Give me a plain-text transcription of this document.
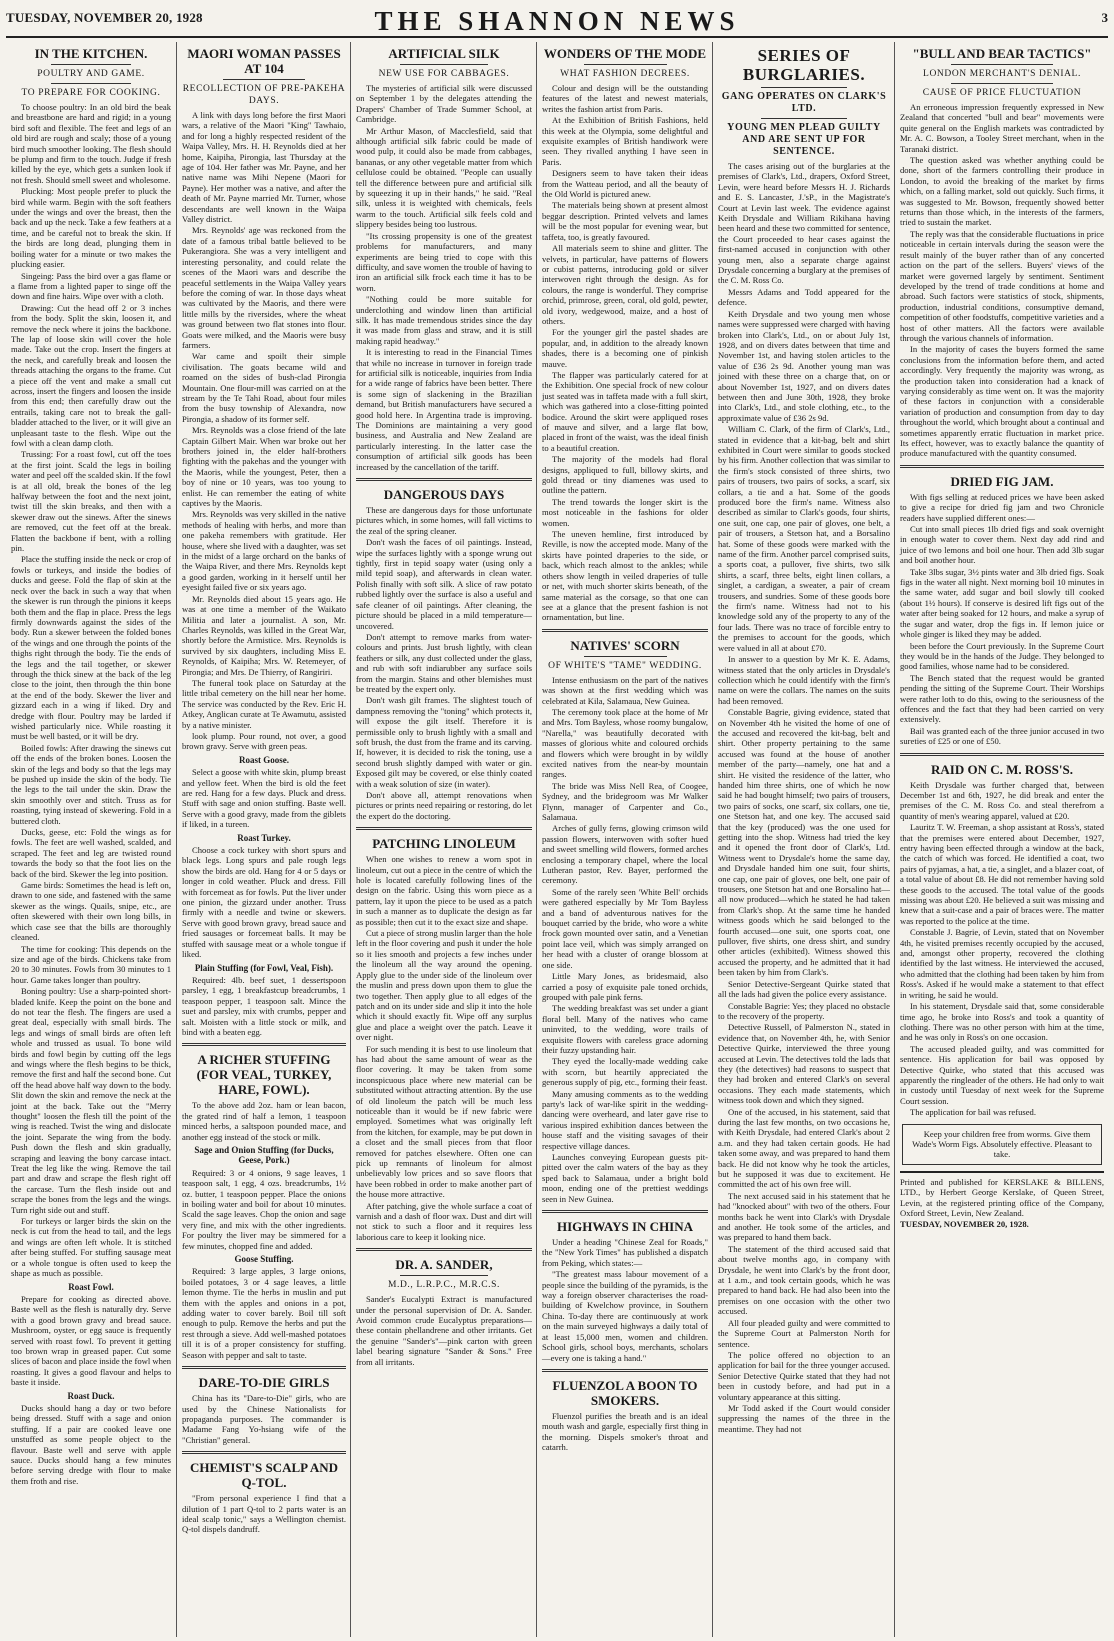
TUESDAY, NOVEMBER 20, 1928	THE SHANNON NEWS	3
IN THE KITCHEN.
POULTRY AND GAME.
TO PREPARE FOR COOKING.

To choose poultry: In an old bird the beak and breastbone are hard and rigid; in a young bird soft and flexible. The feet and legs of an old bird are rough and scaly; those of a young bird much smoother looking. The flesh should be plump and firm to the touch. Judge if fresh killed by the eye, which gets a sunken look if not fresh. Should smell sweet and wholesome.

Plucking: Most people prefer to pluck the bird while warm. Begin with the soft feathers under the wings and over the breast, then the back and up the neck. Take a few feathers at a time, and be careful not to break the skin. If the birds are long dead, plunging them in boiling water for a minute or two makes the plucking easier.

Singeing: Pass the bird over a gas flame or a flame from a lighted paper to singe off the down and fine hairs. Wipe over with a cloth.

Drawing: Cut the head off 2 or 3 inches from the body. Split the skin, loosen it, and remove the neck where it joins the backbone. The lap of loose skin will cover the hole made. Take out the crop. Insert the fingers at the neck, and carefully break and loosen the threads attaching the organs to the frame. Cut a piece off the vent and make a small cut across, insert the fingers and loosen the inside from this end; then carefully draw out the entrails, taking care not to break the gall-bladder attached to the liver, or it will give an unpleasant taste to the flesh. Wipe out the fowl with a clean damp cloth.

Trussing: For a roast fowl, cut off the toes at the first joint. Scald the legs in boiling water and peel off the scalded skin. If the fowl is at all old, break the bones of the leg halfway between the foot and the next joint, twist till the skin breaks, and then with a skewer draw out the sinews. After the sinews are removed, cut the feet off at the break. Flatten the backbone if bent, with a rolling pin.

Place the stuffing inside the neck or crop of fowls or turkeys, and inside the bodies of ducks and geese. Fold the flap of skin at the neck over the back in such a way that when the skewer is run through the pinions it keeps both them and the flap in place. Press the legs firmly downwards against the sides of the body. Run a skewer between the folded bones of the wings and one through the points of the thighs right through the body. Tie the ends of the legs and the tail together, or skewer through the thick sinew at the back of the leg close to the joint, then through the thin bone at the end of the body. Skewer the liver and gizzard each in a wing if liked. Dry and dredge with flour. Poultry may be larded if wished particularly nice. While roasting it must be well basted, or it will be dry.

Boiled fowls: After drawing the sinews cut off the ends of the broken bones. Loosen the skin of the legs and body so that the legs may be pushed up inside the skin of the body. Tie the legs to the tail under the skin. Draw the skin smoothly over and stitch. Truss as for roasting, tying instead of skewering. Fold in a buttered cloth.

Ducks, geese, etc: Fold the wings as for fowls. The feet are well washed, scalded, and scraped. The feet and leg are twisted round towards the body so that the foot lies on the back of the bird. Skewer the leg into position.

Game birds: Sometimes the head is left on, drawn to one side, and fastened with the same skewer as the wings. Quails, snipe, etc., are often skewered with their own long bills, in which case see that the bills are thoroughly cleaned.

The time for cooking: This depends on the size and age of the birds. Chickens take from 20 to 30 minutes. Fowls from 30 minutes to 1 hour. Game takes longer than poultry.

Boning poultry: Use a sharp-pointed short-bladed knife. Keep the point on the bone and do not tear the flesh. The fingers are used a great deal, especially with small birds. The legs and wings of small birds are often left whole and trussed as usual. To bone wild birds and fowl begin by cutting off the legs and wings where the flesh begins to be thick, remove the first and half the second bone. Cut off the head above half way down to the body. Slit down the skin and remove the neck at the joint at the back. Take out the "Merry thought" loosen the flesh till the point of the wing is reached. Twist the wing and dislocate the joint. Separate the wing from the body. Push down the flesh and skin gradually, scraping and leaving the bony carcase intact. Treat the leg like the wing. Remove the tail part and draw and scrape the flesh right off the carcase. Turn the flesh inside out and scrape the bones from the legs and the wings. Turn right side out and stuff.

For turkeys or larger birds the skin on the neck is cut from the head to tail, and the legs and wings are often left whole. It is stitched after being stuffed. For stuffing sausage meat or a whole tongue is often used to keep the shape as much as possible.

Roast Fowl.

Prepare for cooking as directed above. Baste well as the flesh is naturally dry. Serve with a good brown gravy and bread sauce. Mushroom, oyster, or egg sauce is frequently served with roast fowl. To prevent it getting too brown wrap in greased paper. Cut some slices of bacon and place inside the fowl when roasting. It gives a good flavour and helps to baste it inside.

Roast Duck.

Ducks should hang a day or two before being dressed. Stuff with a sage and onion stuffing. If a pair are cooked leave one unstuffed as some people object to the flavour. Baste well and serve with apple sauce. Ducks should hang a few minutes before serving dredge with flour to make them froth and rise.

MAORI WOMAN PASSES AT 104
RECOLLECTION OF PRE-PAKEHA DAYS.

A link with days long before the first Maori wars, a relative of the Maori "King" Tawhaio, and for long a highly respected resident of the Waipa Valley, Mrs. H. H. Reynolds died at her home, Kaipiha, Pirongia, last Thursday at the age of 104. Her father was Mr. Payne, and her native name was Mihi Nepene (Maori for Payne). Her mother was a native, and after the death of Mr. Payne married Mr. Turner, whose descendants are well known in the Waipa Valley district.

Mrs. Reynolds' age was reckoned from the date of a famous tribal battle believed to be Pukerangiora. She was a very intelligent and interesting personality, and could relate the scenes of the Maori wars and describe the peaceful settlements in the Waipa Valley years before the coming of war. In those days wheat was cultivated by the Maoris, and there were little mills by the riversides, where the wheat was ground between two flat stones into flour. Goats were milked, and the Maoris were busy farmers.

War came and spoilt their simple civilisation. The goats became wild and roamed on the sides of bush-clad Pirongia Mountain. One flour-mill was carried on at the stream by the Te Tahi Road, about four miles from the busy township of Alexandra, now Pirongia, a shadow of its former self.

Mrs. Reynolds was a close friend of the late Captain Gilbert Mair. When war broke out her brothers joined in, the elder half-brothers fighting with the pakehas and the younger with the Maoris, while the youngest, Peter, then a boy of nine or 10 years, was too young to enlist. He can remember the eating of white captives by the Maoris.

Mrs. Reynolds was very skilled in the native methods of healing with herbs, and more than one pakeha remembers with gratitude. Her house, where she lived with a daughter, was set in the midst of a large orchard on the banks of the Waipa River, and there Mrs. Reynolds kept a good garden, working in it herself until her eyesight failed five or six years ago.

Mr. Reynolds died about 15 years ago. He was at one time a member of the Waikato Militia and later a journalist. A son, Mr. Charles Reynolds, was killed in the Great War, shortly before the Armistice. Mrs. Reynolds is survived by six daughters, including Miss E. Reynolds, of Kaipiha; Mrs. W. Retemeyer, of Pirongia; and Mrs. De Thierry, of Rangiriri.

The funeral took place on Saturday at the little tribal cemetery on the hill near her home. The service was conducted by the Rev. Eric H. Atkey, Anglican curate at Te Awamutu, assisted by a native minister.

look plump. Pour round, not over, a good brown gravy. Serve with green peas.

Roast Goose.

Select a goose with white skin, plump breast and yellow feet. When the bird is old the feet are red. Hang for a few days. Pluck and dress. Stuff with sage and onion stuffing. Baste well. Serve with a good gravy, made from the giblets if liked, in a tureen.

Roast Turkey.

Choose a cock turkey with short spurs and black legs. Long spurs and pale rough legs show the birds are old. Hang for 4 or 5 days or longer in cold weather. Pluck and dress. Fill with forcemeat as for fowls. Put the liver under one pinion, the gizzard under another. Truss firmly with a needle and twine or skewers. Serve with good brown gravy, bread sauce and fried sausages or forcemeat balls. It may be stuffed with sausage meat or a whole tongue if liked.

Plain Stuffing (for Fowl, Veal, Fish).

Required: 4lb. beef suet, 1 dessertspoon parsley, 1 egg, 1 breakfastcup breadcrumbs, 1 teaspoon pepper, 1 teaspoon salt. Mince the suet and parsley, mix with crumbs, pepper and salt. Moisten with a little stock or milk, and bind with a beaten egg.

A RICHER STUFFING (FOR VEAL, TURKEY, HARE, FOWL).

To the above add 2oz. ham or lean bacon, the grated rind of half a lemon, 1 teaspoon minced herbs, a saltspoon pounded mace, and another egg instead of the stock or milk.

Sage and Onion Stuffing (for Ducks, Geese, Pork.)

Required: 3 or 4 onions, 9 sage leaves, 1 teaspoon salt, 1 egg, 4 ozs. breadcrumbs, 1½ oz. butter, 1 teaspoon pepper. Place the onions in boiling water and boil for about 10 minutes. Scald the sage leaves. Chop the onion and sage very fine, and mix with the other ingredients. For poultry the liver may be simmered for a few minutes, chopped fine and added.

Goose Stuffing.

Required: 3 large apples, 3 large onions, boiled potatoes, 3 or 4 sage leaves, a little lemon thyme. Tie the herbs in muslin and put them with the apples and onions in a pot, adding water to cover barely. Boil till soft enough to pulp. Remove the herbs and put the rest through a sieve. Add well-mashed potatoes till it is of a proper consistency for stuffing. Season with pepper and salt to taste.

DARE-TO-DIE GIRLS

China has its "Dare-to-Die" girls, who are used by the Chinese Nationalists for propaganda purposes. The commander is Madame Fang Yo-hsiang wife of the "Christian" general.

CHEMIST'S SCALP AND Q-TOL.

"From personal experience I find that a dilution of 1 part Q-tol to 2 parts water is an ideal scalp tonic," says a Wellington chemist. Q-tol dispels dandruff.

ARTIFICIAL SILK
NEW USE FOR CABBAGES.

The mysteries of artificial silk were discussed on September 1 by the delegates attending the Drapers' Chamber of Trade Summer School, at Cambridge.

Mr Arthur Mason, of Macclesfield, said that although artificial silk fabric could be made of wood pulp, it could also be made from cabbages, bananas, or any other vegetable matter from which cellulose could be obtained. "People can usually tell the difference between pure and artificial silk by squeezing it up in their hands," he said. "Real silk, unless it is weighted with chemicals, feels warm to the touch. Artificial silk feels cold and slippery besides being too lustrous.

"Its crossing propensity is one of the greatest problems for manufacturers, and many experiments are being tried to cope with this difficulty, and save women the trouble of having to iron an artificial silk frock each time it has to be worn.

"Nothing could be more suitable for underclothing and window linen than artificial silk. It has made tremendous strides since the day it was made from glass and straw, and it is still making rapid headway."

It is interesting to read in the Financial Times that while no increase in turnover in foreign trade for artificial silk is noticeable, inquiries from India for a wide range of fabrics have been better. There is some sign of slackening in the Brazilian demand, but British manufacturers have secured a good hold here. In Argentina trade is improving. The Dominions are maintaining a very good business, and Australia and New Zealand are particularly interesting. In the latter case the consumption of artificial silk goods has been increased by the cancellation of the tariff.

DANGEROUS DAYS

These are dangerous days for those unfortunate pictures which, in some homes, will fall victims to the zeal of the spring cleaner.

Don't wash the faces of oil paintings. Instead, wipe the surfaces lightly with a sponge wrung out tightly, first in tepid soapy water (using only a mild tepid soap), and afterwards in clean water. Polish finally with soft silk. A slice of raw potato rubbed lightly over the surface is also a useful and safe cleaner of oil paintings. After cleaning, the picture should be placed in a mild temperature—uncovered.

Don't attempt to remove marks from water-colours and prints. Just brush lightly, with clean feathers or silk, any dust collected under the glass, and rub with soft indiarubber any surface soils from the margin. Stains and other blemishes must be treated by the expert only.

Don't wash gilt frames. The slightest touch of dampness removing the "toning" which protects it, will expose the gilt itself. Therefore it is permissible only to brush lightly with a small and soft brush, the dust from the frame and its carving. If, however, it is decided to risk the toning, use a second brush slightly damped with water or gin. Exposed gilt may be covered, or else thinly coated with a weak solution of size (in water).

Don't above all, attempt renovations when pictures or prints need repairing or restoring, do let the expert do the doctoring.

PATCHING LINOLEUM

When one wishes to renew a worn spot in linoleum, cut out a piece in the centre of which the hole is located carefully following lines of the design on the fabric. Using this worn piece as a pattern, lay it upon the piece to be used as a patch in such a manner as to duplicate the design as far as possible; then cut it to the exact size and shape.

Cut a piece of strong muslin larger than the hole left in the floor covering and push it under the hole so it lies smooth and projects a few inches under the linoleum all the way around the opening. Apply glue to the under side of the linoleum over the muslin and press down upon them to glue the two together. Then apply glue to all edges of the patch and on its under side and slip it into the hole which it should exactly fit. Wipe off any surplus glue and place a weight over the patch. Leave it over night.

For such mending it is best to use linoleum that has had about the same amount of wear as the floor covering. It may be taken from some inconspicuous place where new material can be substituted without attracting attention. By the use of old linoleum the patch will be much less noticeable than it would be if new fabric were employed. Sometimes what was originally left from the kitchen, for example, may be put down in a closet and the small pieces from that floor removed for patches elsewhere. Often one can pick up remnants of linoleum for almost unbelievably low prices and so save floors that have been robbed in order to make another part of the house more attractive.

After patching, give the whole surface a coat of varnish and a dash of floor wax. Dust and dirt will not stick to such a floor and it requires less laborious care to keep it looking nice.

DR. A. SANDER,
M.D., L.R.P.C., M.R.C.S.

Sander's Eucalypti Extract is manufactured under the personal supervision of Dr. A. Sander. Avoid common crude Eucalyptus preparations—these contain phellandrene and other irritants. Get the genuine "Sander's"—pink carton with green label bearing signature "Sander & Sons." Free from all irritants.

WONDERS OF THE MODE
WHAT FASHION DECREES.

Colour and design will be the outstanding features of the latest and newest materials, writes the fashion artist from Paris.

At the Exhibition of British Fashions, held this week at the Olympia, some delightful and exquisite examples of British handiwork were seen. They rivalled anything I have seen in Paris.

Designers seem to have taken their ideas from the Watteau period, and all the beauty of the Old World is pictured anew.

The materials being shown at present almost beggar description. Printed velvets and lames will be the most popular for evening wear, but taffeta, too, is greatly favoured.

All materials seem to shine and glitter. The velvets, in particular, have patterns of flowers or cubist patterns, introducing gold or silver interwoven right through the design. As for colours, the range is wonderful. They comprise orchid, primrose, green, coral, old gold, pewter, old ivory, wedgewood, maize, and a host of others.

For the younger girl the pastel shades are popular, and, in addition to the already known shades, there is a becoming one of pinkish mauve.

The flapper was particularly catered for at the Exhibition. One special frock of new colour just seated was in taffeta made with a full skirt, which was gathered into a close-fitting pointed bodice. Around the skirt were appliqued roses of mauve and silver, and a large flat bow, placed in front of the waist, was the ideal finish to a beautiful creation.

The majority of the models had floral designs, appliqued to full, billowy skirts, and gold thread or tiny diamenes was used to outline the pattern.

The trend towards the longer skirt is the most noticeable in the fashions for older women.

The uneven hemline, first introduced by Reville, is now the accepted mode. Many of the skirts have pointed draperies to the side, or back, which reach almost to the ankles; while others show length in veiled draperies of tulle or net, with much shorter skirts beneath, of the same material as the corsage, so that one can see at a glance that the present fashion is not ornamentation, but line.

NATIVES' SCORN
OF WHITE'S "TAME" WEDDING.

Intense enthusiasm on the part of the natives was shown at the first wedding which was celebrated at Kila, Salamaua, New Guinea.

The ceremony took place at the home of Mr and Mrs. Tom Bayless, whose roomy bungalow, "Narella," was beautifully decorated with masses of glorious white and coloured orchids and flowers which were brought in by wildly excited natives from the near-by mountain ranges.

The bride was Miss Nell Rea, of Coogee, Sydney, and the bridegroom was Mr Walker Flynn, manager of Carpenter and Co., Salamaua.

Arches of gully ferns, glowing crimson wild passion flowers, interwoven with softer hued and sweet smelling wild flowers, formed arches enclosing a temporary chapel, where the local Lutheran pastor, Rev. Bayer, performed the ceremony.

Some of the rarely seen 'White Bell' orchids were gathered especially by Mr Tom Bayless and a band of adventurous natives for the bouquet carried by the bride, who wore a white frock gown mounted over satin, and a Venetian point lace veil, which was simply arranged on her head with a cluster of orange blossom at one side.

Little Mary Jones, as bridesmaid, also carried a posy of exquisite pale toned orchids, grouped with pale pink ferns.

The wedding breakfast was set under a giant floral bell. Many of the natives who came uninvited, to the wedding, wore trails of exquisite flowers with careless grace adorning their fuzzy upstanding hair.

They eyed the locally-made wedding cake with scorn, but heartily appreciated the generous supply of pig, etc., forming their feast.

Many amusing comments as to the wedding party's lack of war-like spirit in the wedding-dancing were overheard, and later gave rise to various inspired exhibition dances between the house staff and the visiting savages of their respective village dances.

Launches conveying European guests pit-pitted over the calm waters of the bay as they sped back to Salamaua, under a bright bold moon, ending one of the prettiest weddings seen in New Guinea.

HIGHWAYS IN CHINA

Under a heading "Chinese Zeal for Roads," the "New York Times" has published a dispatch from Peking, which states:—

"The greatest mass labour movement of a people since the building of the pyramids, is the way a foreign observer characterises the road-building of Kwelchow province, in Southern China. To-day there are continuously at work on the main surveyed highways a daily total of at least 15,000 men, women and children. School girls, school boys, merchants, scholars—every one is taking a hand."

FLUENZOL A BOON TO SMOKERS.

Fluenzol purifies the breath and is an ideal mouth wash and gargle, especially first thing in the morning. Dispels smoker's throat and catarrh.

SERIES OF BURGLARIES.
GANG OPERATES ON CLARK'S LTD.
YOUNG MEN PLEAD GUILTY AND ARE SENT UP FOR SENTENCE.

The cases arising out of the burglaries at the premises of Clark's, Ltd., drapers, Oxford Street, Levin, were heard before Messrs H. J. Richards and E. S. Lancaster, J.'sP., in the Magistrate's Court at Levin last week. The evidence against Keith Drysdale and William Rikihana having been heard and these two committed for sentence, the Court proceeded to hear cases against the first-named accused in conjunction with other young men, also a separate charge against Drysdale concerning a burglary at the premises of the C. M. Ross Co.

Messrs Adams and Todd appeared for the defence.

Keith Drysdale and two young men whose names were suppressed were charged with having broken into Clark's, Ltd., on or about July 1st, 1928, and on divers dates between that time and November 1st, and having stolen articles to the value of £36 2s 9d. Another young man was joined with these three on a charge that, on or about November 1st, 1927, and on divers dates between then and June 30th, 1928, they broke into Clark's, Ltd., and stole clothing, etc., to the approximate value of £36 2s 9d.

William C. Clark, of the firm of Clark's, Ltd., stated in evidence that a kit-bag, belt and shirt exhibited in Court were similar to goods stocked by his firm. Another collection that was similar to the firm's stock consisted of three shirts, two pairs of trousers, two pairs of socks, a scarf, six collars, a tie and a hat. Some of the goods produced bore the firm's name. Witness also described as similar to Clark's goods, four shirts, one suit, one cap, one pair of gloves, one belt, a pair of trousers, a Stetson hat, and a Borsalino hat. Some of these goods were marked with the name of the firm. Another parcel comprised suits, a sports coat, a pullover, five shirts, two silk shirts, a scarf, three belts, eight linen collars, a singlet, a cardigan, a sweater, a pair of cream trousers, and sundries. Some of these goods bore the firm's name. Witness had not to his knowledge sold any of the property to any of the four lads. There was no trace of forcible entry to the premises to account for the goods, which were valued in all at about £70.

In answer to a question by Mr K. E. Adams, witness stated that the only articles in Drysdale's collection which he could identify with the firm's name on were the collars. The names on the suits had been removed.

Constable Bagrie, giving evidence, stated that on November 4th he visited the home of one of the accused and recovered the kit-bag, belt and shirt. Other property pertaining to the same accused was found at the house of another member of the party—namely, one hat and a shirt. He visited the residence of the latter, who handed him three shirts, one of which he now said he had bought himself; two pairs of trousers, two pairs of socks, one scarf, six collars, one tie, one Stetson hat, and one key. The accused said that the key (produced) was the one used for getting into the shop. Witness had tried the key and it opened the front door of Clark's, Ltd. Witness went to Drysdale's home the same day, and Drysdale handed him one suit, four shirts, one cap, one pair of gloves, one belt, one pair of trousers, one Stetson hat and one Borsalino hat—all now produced—which he stated he had taken from Clark's shop. At the same time he handed witness goods which he said belonged to the fourth accused—one suit, one sports coat, one pullover, five shirts, one dress shirt, and sundry other articles (exhibited). Witness showed this accused the property, and he admitted that it had been taken by him from Clark's.

Senior Detective-Sergeant Quirke stated that all the lads had given the police every assistance.

Constable Bagrie: Yes; they placed no obstacle to the recovery of the property.

Detective Russell, of Palmerston N., stated in evidence that, on November 4th, he, with Senior Detective Quirke, interviewed the three young accused at Levin. The detectives told the lads that they (the detectives) had reasons to suspect that they had broken and entered Clark's on several occasions. They each made statements, which witness took down and which they signed.

One of the accused, in his statement, said that during the last few months, on two occasions he, with Keith Drysdale, had entered Clark's about 2 a.m. and they had taken certain goods. He had taken some away, and was prepared to hand them back. He did not know why he took the articles, but he supposed it was due to excitement. He committed the act of his own free will.

The next accused said in his statement that he had "knocked about" with two of the others. Four months back he went into Clark's with Drysdale and another. He took some of the articles, and was prepared to hand them back.

The statement of the third accused said that about twelve months ago, in company with Drysdale, he went into Clark's by the front door, at 1 a.m., and took certain goods, which he was prepared to hand back. He had also been into the premises on one occasion with the other two accused.

All four pleaded guilty and were committed to the Supreme Court at Palmerston North for sentence.

The police offered no objection to an application for bail for the three younger accused. Senior Detective Quirke stated that they had not been in custody before, and had put in a voluntary appearance at this sitting.

Mr Todd asked if the Court would consider suppressing the names of the three in the meantime. They had not

"BULL AND BEAR TACTICS"
LONDON MERCHANT'S DENIAL.
CAUSE OF PRICE FLUCTUATION

An erroneous impression frequently expressed in New Zealand that concerted "bull and bear" movements were quite general on the English markets was contradicted by Mr. A. C. Bowson, a Tooley Street merchant, when in the Taranaki district.

The question asked was whether anything could be done, short of the farmers controlling their produce in London, to avoid the breaking of the market by firms which, on a falling market, sold out quickly. Such firms, it was suggested to Mr. Bowson, frequently showed better returns than those which, in the interests of the farmers, tried to sustain the market.

The reply was that the considerable fluctuations in price noticeable in certain intervals during the season were the result mainly of the buyer rather than of any concerted action on the part of the sellers. Buyers' views of the market were governed largely by sentiment. Sentiment developed by the trend of trade conditions at home and abroad. Such factors were statistics of stock, shipments, production, industrial conditions, consumptive demand, competition of other foodstuffs, competitive varieties and a host of other matters. All the factors were available through the various channels of information.

In the majority of cases the buyers formed the same conclusions from the information before them, and acted accordingly. Very frequently the majority was wrong, as the production taken into consideration had a knack of varying considerably as time went on. It was the majority of these factors in conjunction with a considerable variation of production and consumption from day to day throughout the world, which brought about a continual and sometimes apparently erratic fluctuation in market price. Its effect, however, was to exactly balance the quantity of produce manufactured with the quantity consumed.

DRIED FIG JAM.

With figs selling at reduced prices we have been asked to give a recipe for dried fig jam and two Chronicle readers have supplied different ones:—

Cut into small pieces 1lb dried figs and soak overnight in enough water to cover them. Next day add rind and juice of two lemons and boil one hour. Then add 3lb sugar and boil another hour.

Take 3lbs sugar, 3½ pints water and 3lb dried figs. Soak figs in the water all night. Next morning boil 10 minutes in the same water, add sugar and boil slowly till cooked (about 1½ hours). If conserve is desired lift figs out of the water after being soaked for 12 hours, and make a syrup of the sugar and water, drop the figs in. If lemon juice or whole ginger is liked they may be added.

been before the Court previously. In the Supreme Court they would be in the hands of the Judge. They belonged to good families, whose name had to be considered.

The Bench stated that the request would be granted pending the sitting of the Supreme Court. Their Worships were rather loth to do this, owing to the seriousness of the offences and the fact that they had been carried on very extensively.

Bail was granted each of the three junior accused in two sureties of £25 or one of £50.

RAID ON C. M. ROSS'S.

Keith Drysdale was further charged that, between December 1st and 6th, 1927, he did break and enter the premises of the C. M. Ross Co. and steal therefrom a quantity of men's wearing apparel, valued at £20.

Lauritz T. W. Freeman, a shop assistant at Ross's, stated that the premises were entered about December, 1927, entry having been effected through a window at the back, the catch of which was forced. He identified a coat, two pairs of pyjamas, a hat, a tie, a singlet, and a blazer coat, of a total value of about £8. He did not remember having sold these goods to the accused. The total value of the goods missing was about £20. He believed a suit was missing and knew that a suit-case and a pair of braces were. The matter was reported to the police at the time.

Constable J. Bagrie, of Levin, stated that on November 4th, he visited premises recently occupied by the accused, and, amongst other property, recovered the clothing identified by the last witness. He interviewed the accused, who admitted that the clothing had been taken by him from Ross's. Asked if he would make a statement to that effect in writing, he said he would.

In his statement, Drysdale said that, some considerable time ago, he broke into Ross's and took a quantity of clothing. There was no other person with him at the time, and he was only in Ross's on one occasion.

The accused pleaded guilty, and was committed for sentence. His application for bail was opposed by Detective Quirke, who stated that this accused was apparently the ringleader of the others. He had only to wait in custody until Tuesday of next week for the Supreme Court session.

The application for bail was refused.

Keep your children free from worms. Give them Wade's Worm Figs. Absolutely effective. Pleasant to take.

Printed and published for KERSLAKE & BILLENS, LTD., by Herbert George Kerslake, of Queen Street, Levin, at the registered printing office of the Company, Oxford Street, Levin, New Zealand.

TUESDAY, NOVEMBER 20, 1928.
